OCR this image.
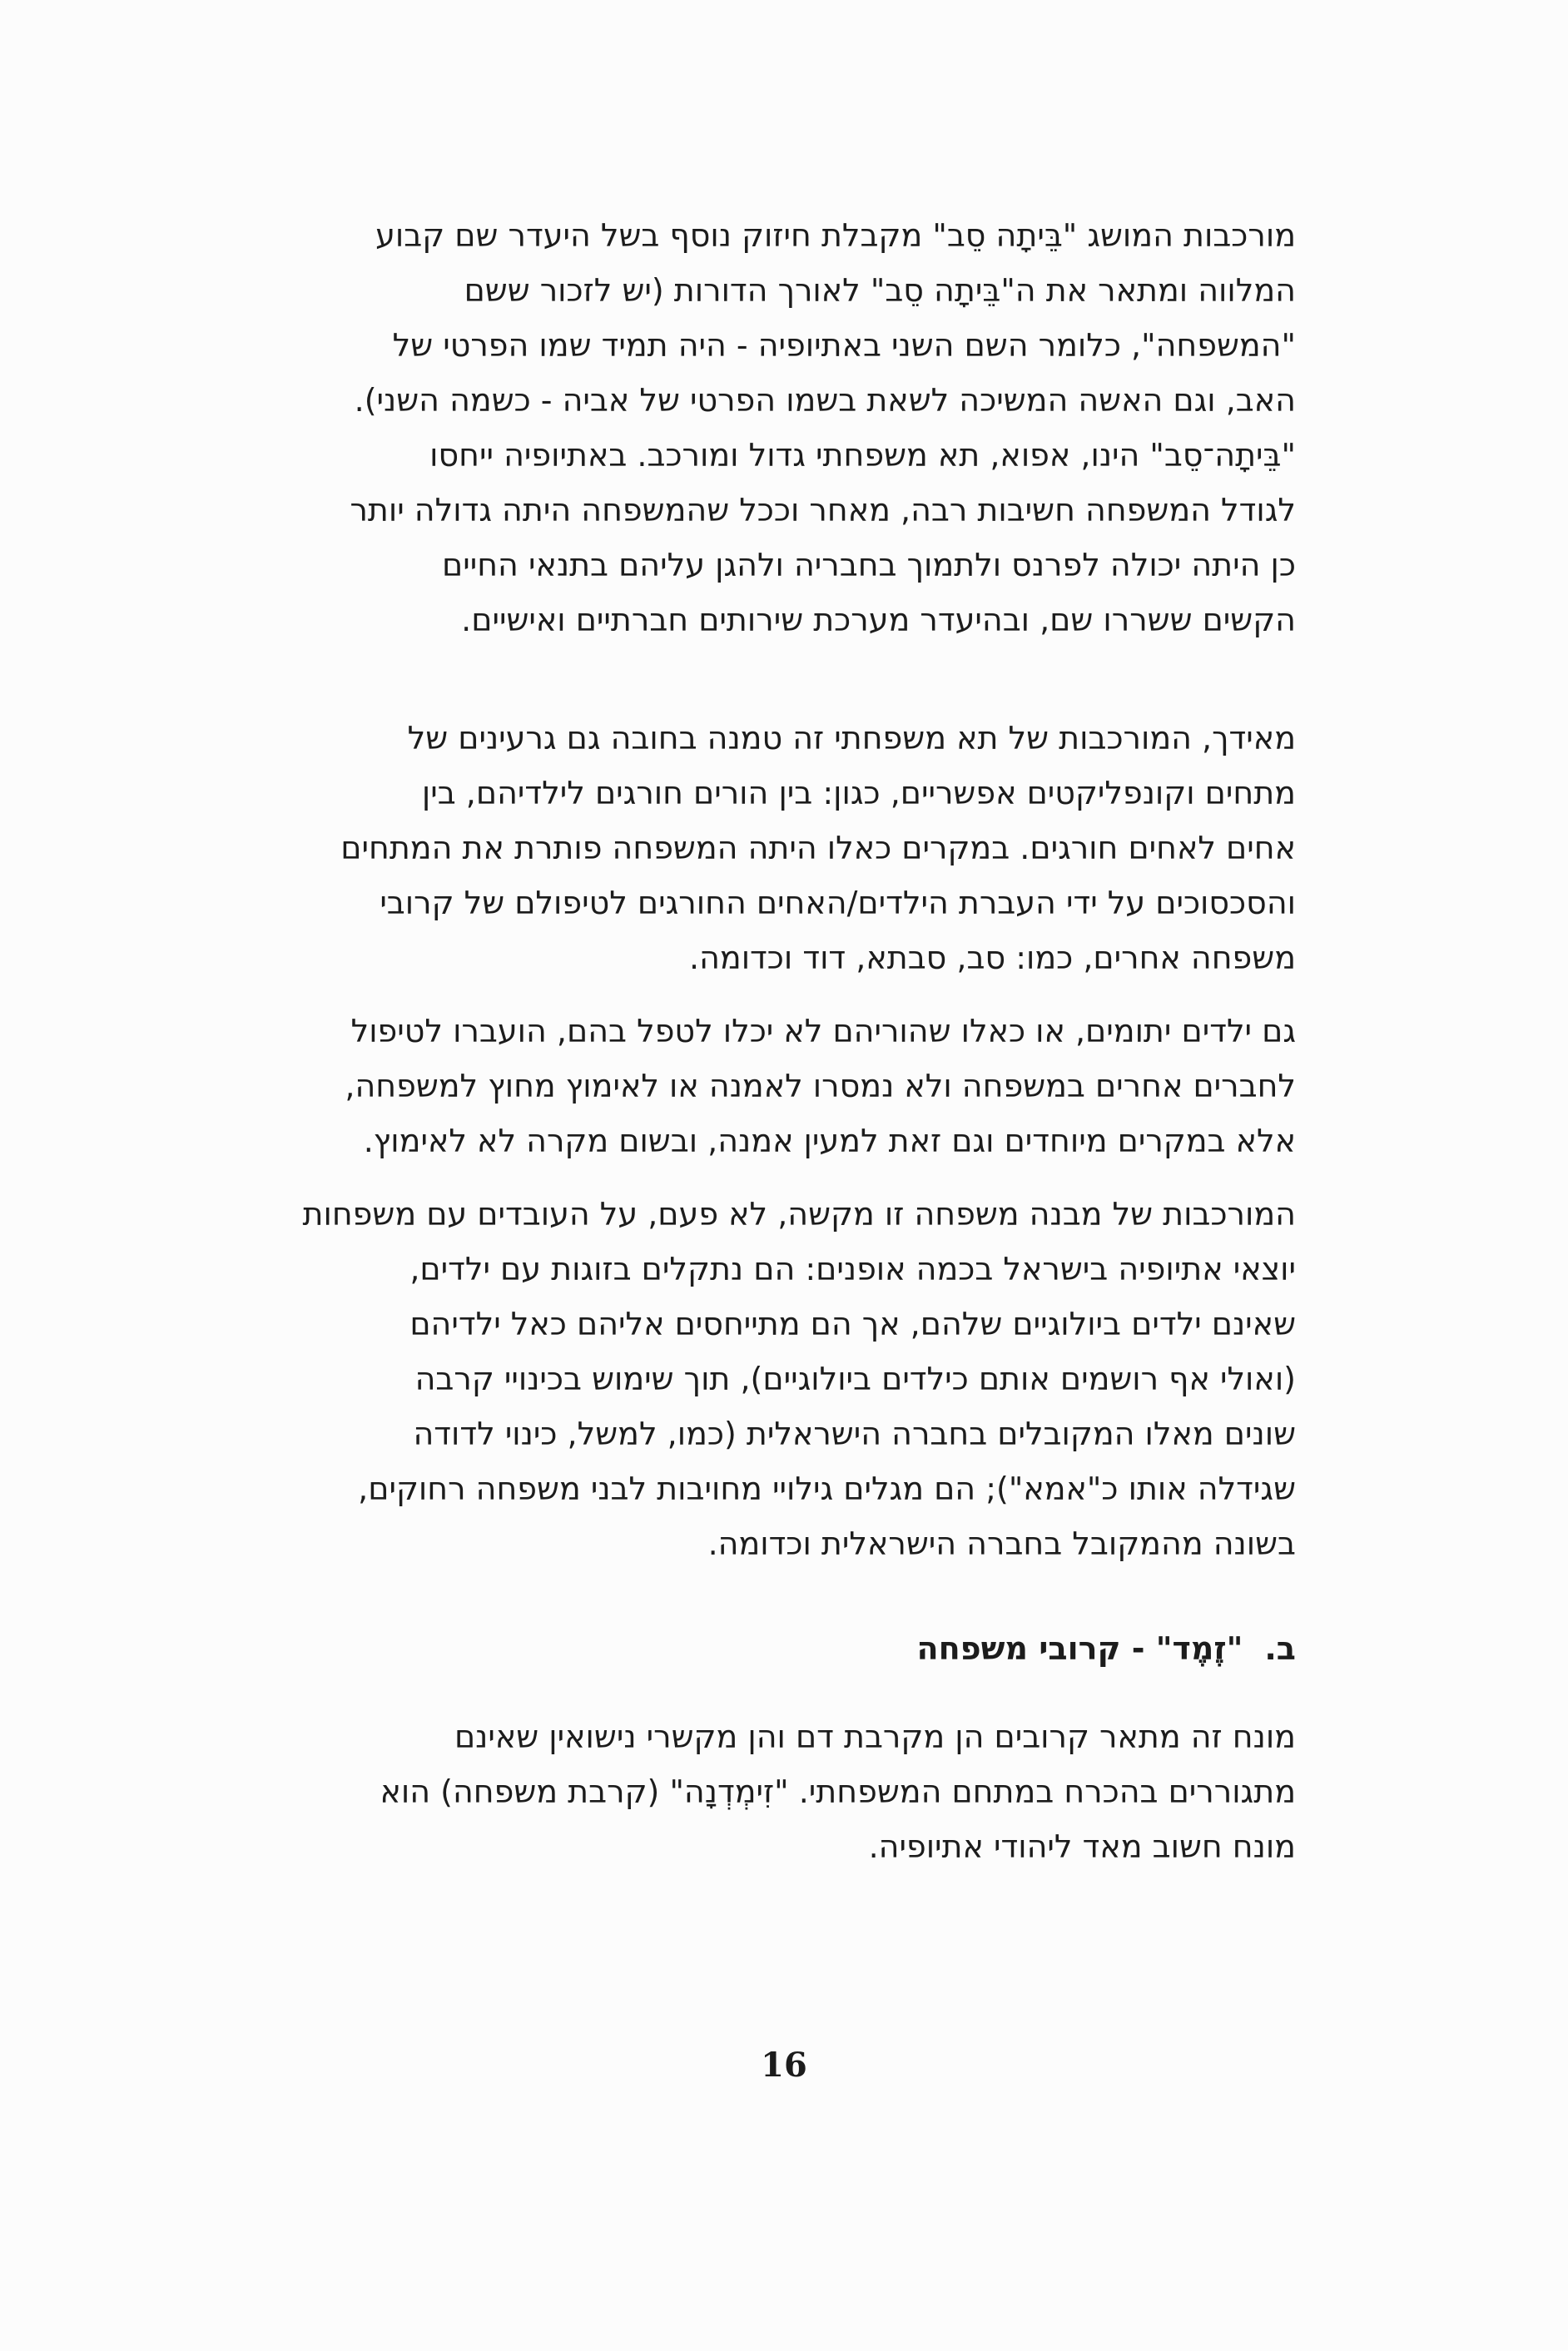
מורכבות המושג "בֵּיתָה סֵב" מקבלת חיזוק נוסף בשל היעדר שם קבוע
המלווה ומתאר את ה"בֵּיתָה סֵב" לאורך הדורות (יש לזכור ששם
"המשפחה", כלומר השם השני באתיופיה - היה תמיד שמו הפרטי של
האב, וגם האשה המשיכה לשאת בשמו הפרטי של אביה - כשמה השני).
"בֵּיתָה־סֵב" הינו, אפוא, תא משפחתי גדול ומורכב. באתיופיה ייחסו
לגודל המשפחה חשיבות רבה, מאחר וככל שהמשפחה היתה גדולה יותר
כן היתה יכולה לפרנס ולתמוך בחבריה ולהגן עליהם בתנאי החיים
הקשים ששררו שם, ובהיעדר מערכת שירותים חברתיים ואישיים.

מאידך, המורכבות של תא משפחתי זה טמנה בחובה גם גרעינים של
מתחים וקונפליקטים אפשריים, כגון: בין הורים חורגים לילדיהם, בין
אחים לאחים חורגים. במקרים כאלו היתה המשפחה פותרת את המתחים
והסכסוכים על ידי העברת הילדים/האחים החורגים לטיפולם של קרובי
משפחה אחרים, כמו: סב, סבתא, דוד וכדומה.

גם ילדים יתומים, או כאלו שהוריהם לא יכלו לטפל בהם, הועברו לטיפול
לחברים אחרים במשפחה ולא נמסרו לאמנה או לאימוץ מחוץ למשפחה,
אלא במקרים מיוחדים וגם זאת למעין אמנה, ובשום מקרה לא לאימוץ.

המורכבות של מבנה משפחה זו מקשה, לא פעם, על העובדים עם משפחות
יוצאי אתיופיה בישראל בכמה אופנים: הם נתקלים בזוגות עם ילדים,
שאינם ילדים ביולוגיים שלהם, אך הם מתייחסים אליהם כאל ילדיהם
(ואולי אף רושמים אותם כילדים ביולוגיים), תוך שימוש בכינויי קרבה
שונים מאלו המקובלים בחברה הישראלית (כמו, למשל, כינוי לדודה
שגידלה אותו כ"אמא"); הם מגלים גילויי מחויבות לבני משפחה רחוקים,
בשונה מהמקובל בחברה הישראלית וכדומה.

ב."זֶמֶד" - קרובי משפחה

מונח זה מתאר קרובים הן מקרבת דם והן מקשרי נישואין שאינם
מתגוררים בהכרח במתחם המשפחתי. "זִימְדְנָה" (קרבת משפחה) הוא
מונח חשוב מאד ליהודי אתיופיה.

16
